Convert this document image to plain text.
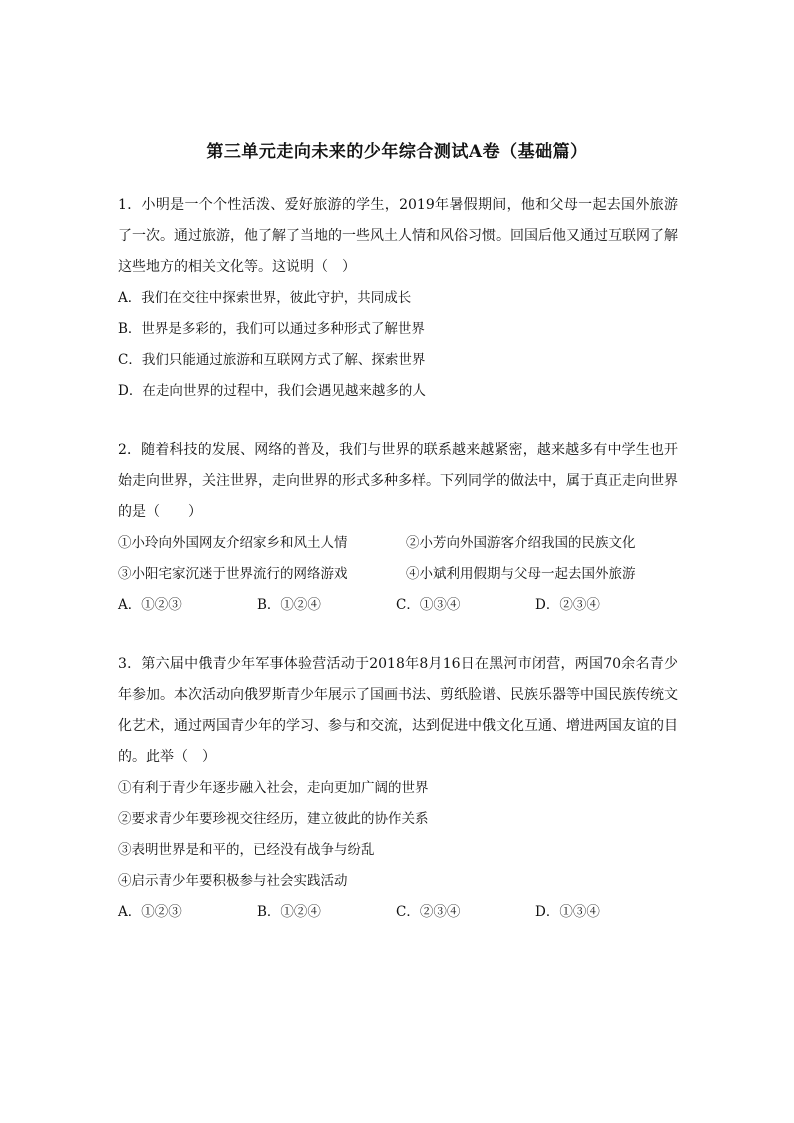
第三单元走向未来的少年综合测试A卷（基础篇）

1．小明是一个个性活泼、爱好旅游的学生，2019年暑假期间，他和父母一起去国外旅游了一次。通过旅游，他了解了当地的一些风土人情和风俗习惯。回国后他又通过互联网了解这些地方的相关文化等。这说明（　）

A．我们在交往中探索世界，彼此守护，共同成长

B．世界是多彩的，我们可以通过多种形式了解世界

C．我们只能通过旅游和互联网方式了解、探索世界

D．在走向世界的过程中，我们会遇见越来越多的人

2．随着科技的发展、网络的普及，我们与世界的联系越来越紧密，越来越多有中学生也开始走向世界，关注世界，走向世界的形式多种多样。下列同学的做法中，属于真正走向世界的是（　　）

①小玲向外国网友介绍家乡和风土人情	②小芳向外国游客介绍我国的民族文化
③小阳宅家沉迷于世界流行的网络游戏	④小斌利用假期与父母一起去国外旅游
A．①②③	B．①②④	C．①③④	D．②③④

3．第六届中俄青少年军事体验营活动于2018年8月16日在黑河市闭营，两国70余名青少年参加。本次活动向俄罗斯青少年展示了国画书法、剪纸脸谱、民族乐器等中国民族传统文化艺术，通过两国青少年的学习、参与和交流，达到促进中俄文化互通、增进两国友谊的目的。此举（　）

①有利于青少年逐步融入社会，走向更加广阔的世界

②要求青少年要珍视交往经历，建立彼此的协作关系

③表明世界是和平的，已经没有战争与纷乱

④启示青少年要积极参与社会实践活动

A．①②③	B．①②④	C．②③④	D．①③④
